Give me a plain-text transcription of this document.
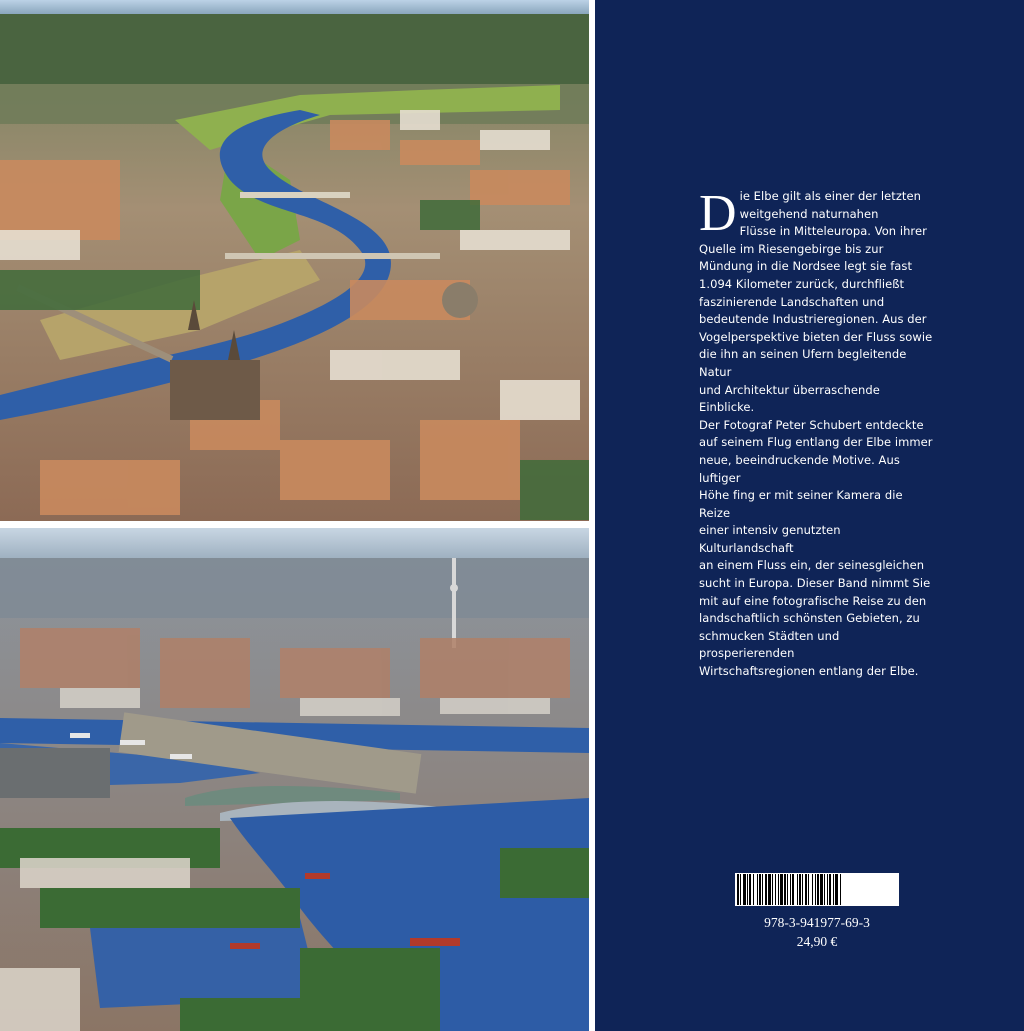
D ie Elbe gilt als einer der letzten
weitgehend naturnahen
Flüsse in Mitteleuropa. Von ihrer
Quelle im Riesengebirge bis zur
Mündung in die Nordsee legt sie fast
1.094 Kilometer zurück, durchfließt
faszinierende Landschaften und
bedeutende Industrieregionen. Aus der
Vogelperspektive bieten der Fluss sowie
die ihn an seinen Ufern begleitende Natur
und Architektur überraschende Einblicke.
Der Fotograf Peter Schubert entdeckte
auf seinem Flug entlang der Elbe immer
neue, beeindruckende Motive. Aus luftiger
Höhe fing er mit seiner Kamera die Reize
einer intensiv genutzten Kulturlandschaft
an einem Fluss ein, der seinesgleichen
sucht in Europa. Dieser Band nimmt Sie
mit auf eine fotografische Reise zu den
landschaftlich schönsten Gebieten, zu
schmucken Städten und prosperierenden
Wirtschaftsregionen entlang der Elbe.
978-3-941977-69-3
24,90 €
